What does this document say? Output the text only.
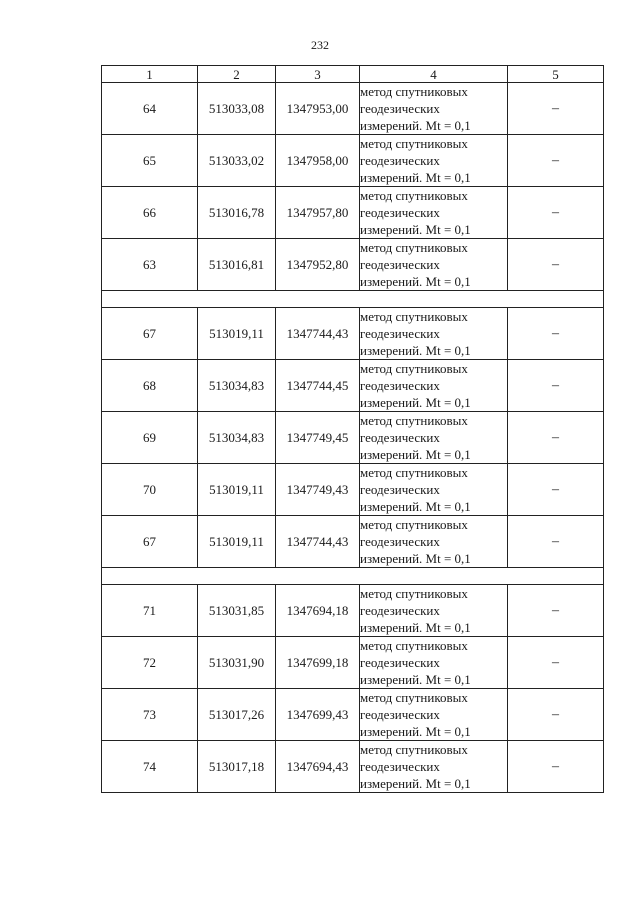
232
1	2	3	4	5
64	513033,08	1347953,00	метод спутниковых
геодезических
измерений. Mt = 0,1	–
65	513033,02	1347958,00	метод спутниковых
геодезических
измерений. Mt = 0,1	–
66	513016,78	1347957,80	метод спутниковых
геодезических
измерений. Mt = 0,1	–
63	513016,81	1347952,80	метод спутниковых
геодезических
измерений. Mt = 0,1	–

67	513019,11	1347744,43	метод спутниковых
геодезических
измерений. Mt = 0,1	–
68	513034,83	1347744,45	метод спутниковых
геодезических
измерений. Mt = 0,1	–
69	513034,83	1347749,45	метод спутниковых
геодезических
измерений. Mt = 0,1	–
70	513019,11	1347749,43	метод спутниковых
геодезических
измерений. Mt = 0,1	–
67	513019,11	1347744,43	метод спутниковых
геодезических
измерений. Mt = 0,1	–

71	513031,85	1347694,18	метод спутниковых
геодезических
измерений. Mt = 0,1	–
72	513031,90	1347699,18	метод спутниковых
геодезических
измерений. Mt = 0,1	–
73	513017,26	1347699,43	метод спутниковых
геодезических
измерений. Mt = 0,1	–
74	513017,18	1347694,43	метод спутниковых
геодезических
измерений. Mt = 0,1	–
